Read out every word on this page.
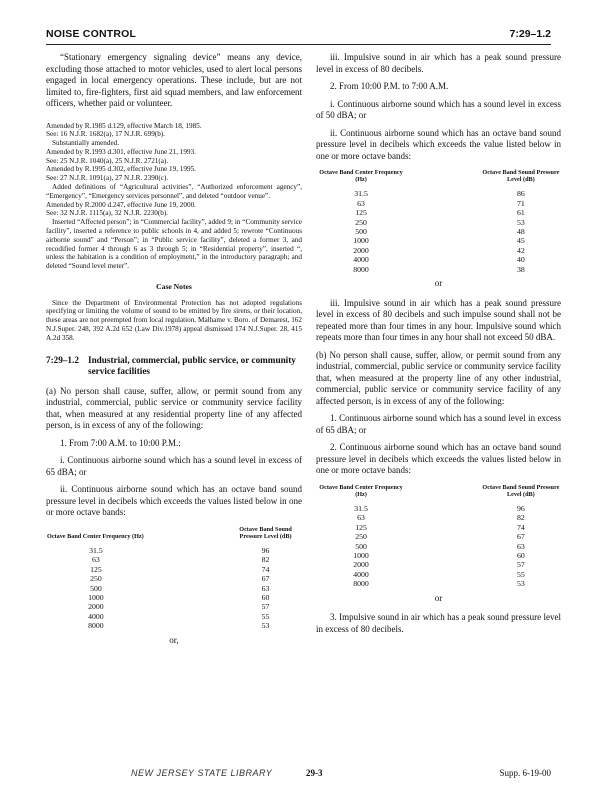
NOISE CONTROL	7:29–1.2

“Stationary emergency signaling device” means any device, excluding those attached to motor vehicles, used to alert local persons engaged in local emergency operations. These include, but are not limited to, fire-fighters, first aid squad members, and law enforcement officers, whether paid or volunteer.

Amended by R.1985 d.129, effective March 18, 1985.

See: 16 N.J.R. 1682(a), 17 N.J.R. 699(b).

Substantially amended.

Amended by R.1993 d.301, effective June 21, 1993.

See: 25 N.J.R. 1040(a), 25 N.J.R. 2721(a).

Amended by R.1995 d.302, effective June 19, 1995.

See: 27 N.J.R. 1091(a), 27 N.J.R. 2390(c).

Added definitions of “Agricultural activities”, “Authorized enforcement agency”, “Emergency”, “Emergency services personnel”, and deleted “outdoor venue”.

Amended by R.2000 d.247, effective June 19, 2000.

See: 32 N.J.R. 1115(a), 32 N.J.R. 2230(b).

Inserted “Affected person”; in “Commercial facility”, added 9; in “Community service facility”, inserted a reference to public schools in 4, and added 5; rewrote “Continuous airborne sound” and “Person”; in “Public service facility”, deleted a former 3, and recodified former 4 through 6 as 3 through 5; in “Residential property”, inserted “, unless the habitation is a condition of employment,” in the introductory paragraph; and deleted “Sound level meter”.

Case Notes

Since the Department of Environmental Protection has not adopted regulations specifying or limiting the volume of sound to be emitted by fire sirens, or their location, these areas are not preempted from local regulation. Malhame v. Boro. of Demarest, 162 N.J.Super. 248, 392 A.2d 652 (Law Div.1978) appeal dismissed 174 N.J.Super. 28, 415 A.2d 358.

7:29–1.2 Industrial, commercial, public service, or community service facilities

(a) No person shall cause, suffer, allow, or permit sound from any industrial, commercial, public service or community service facility that, when measured at any residential property line of any affected person, is in excess of any of the following:

1. From 7:00 A.M. to 10:00 P.M.:

i. Continuous airborne sound which has a sound level in excess of 65 dBA; or

ii. Continuous airborne sound which has an octave band sound pressure level in decibels which exceeds the values listed below in one or more octave bands:

Octave Band Center Frequency (Hz)		Octave Band Sound Pressure Level (dB)
31.5		96
63		82
125		74
250		67
500		63
1000		60
2000		57
4000		55
8000		53
or,

iii. Impulsive sound in air which has a peak sound pressure level in excess of 80 decibels.

2. From 10:00 P.M. to 7:00 A.M.

i. Continuous airborne sound which has a sound level in excess of 50 dBA; or

ii. Continuous airborne sound which has an octave band sound pressure level in decibels which exceeds the value listed below in one or more octave bands:

Octave Band Center Frequency (Hz)		Octave Band Sound Pressure Level (dB)
31.5		86
63		71
125		61
250		53
500		48
1000		45
2000		42
4000		40
8000		38
or

iii. Impulsive sound in air which has a peak sound pressure level in excess of 80 decibels and such impulse sound shall not be repeated more than four times in any hour. Impulsive sound which repeats more than four times in any hour shall not exceed 50 dBA.

(b) No person shall cause, suffer, allow, or permit sound from any industrial, commercial, public service or community service facility that, when measured at the property line of any other industrial, commercial, public service or community service facility of any affected person, is in excess of any of the following:

1. Continuous airborne sound which has a sound level in excess of 65 dBA; or

2. Continuous airborne sound which has an octave band sound pressure level in decibels which exceeds the values listed below in one or more octave bands:

Octave Band Center Frequency (Hz)		Octave Band Sound Pressure Level (dB)
31.5		96
63		82
125		74
250		67
500		63
1000		60
2000		57
4000		55
8000		53
or

3. Impulsive sound in air which has a peak sound pressure level in excess of 80 decibels.

NEW JERSEY STATE LIBRARY	29-3	Supp. 6-19-00
